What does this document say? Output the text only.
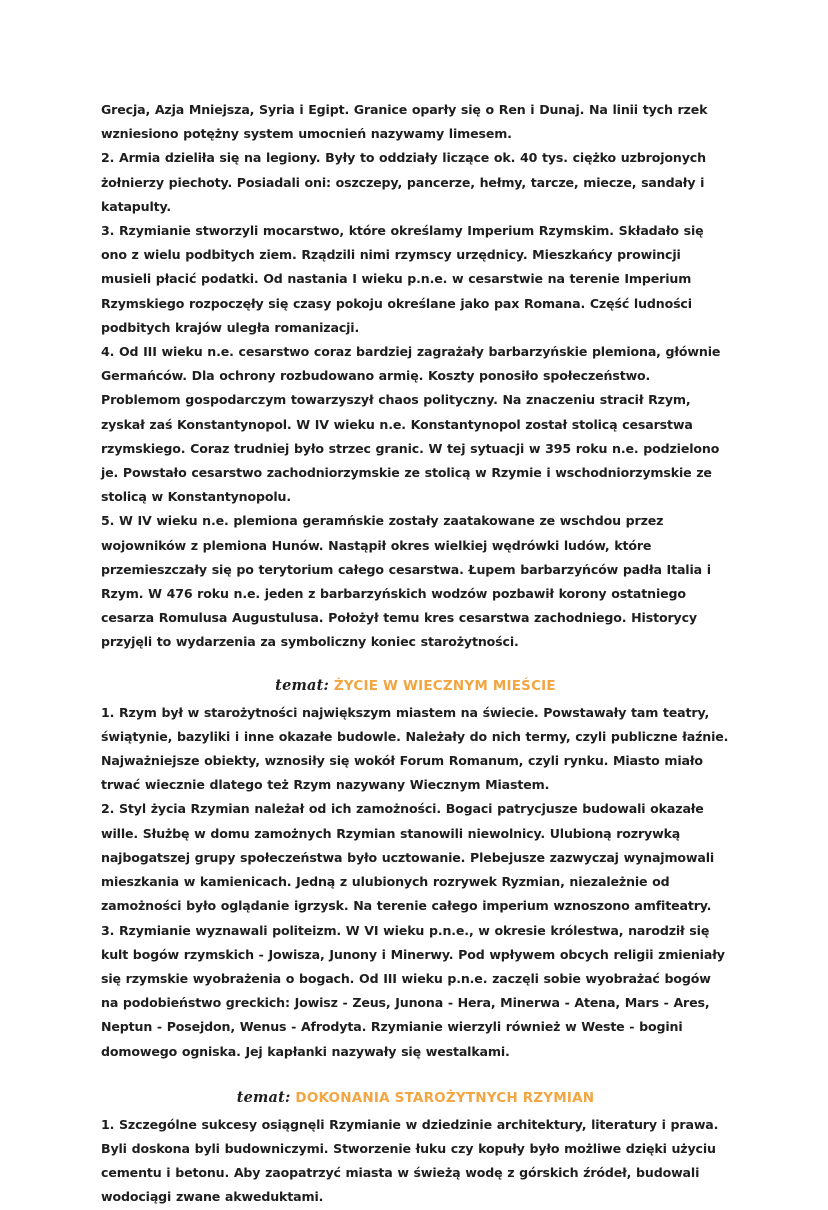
Grecja, Azja Mniejsza, Syria i Egipt. Granice oparły się o Ren i Dunaj. Na linii tych rzek wzniesiono potężny system umocnień nazywamy limesem.

2. Armia dzieliła się na legiony. Były to oddziały liczące ok. 40 tys. ciężko uzbrojonych żołnierzy piechoty. Posiadali oni: oszczepy, pancerze, hełmy, tarcze, miecze, sandały i katapulty.

3. Rzymianie stworzyli mocarstwo, które określamy Imperium Rzymskim. Składało się ono z wielu podbitych ziem. Rządzili nimi rzymscy urzędnicy. Mieszkańcy prowincji musieli płacić podatki. Od nastania I wieku p.n.e. w cesarstwie na terenie Imperium Rzymskiego rozpoczęły się czasy pokoju określane jako pax Romana. Część ludności podbitych krajów uległa romanizacji.

4. Od III wieku n.e. cesarstwo coraz bardziej zagrażały barbarzyńskie plemiona, głównie Germańców. Dla ochrony rozbudowano armię. Koszty ponosiło społeczeństwo. Problemom gospodarczym towarzyszył chaos polityczny. Na znaczeniu stracił Rzym, zyskał zaś Konstantynopol. W IV wieku n.e. Konstantynopol został stolicą cesarstwa rzymskiego. Coraz trudniej było strzec granic. W tej sytuacji w 395 roku n.e. podzielono je. Powstało cesarstwo zachodniorzymskie ze stolicą w Rzymie i wschodniorzymskie ze stolicą w Konstantynopolu.

5. W IV wieku n.e. plemiona geramńskie zostały zaatakowane ze wschdou przez wojowników z plemiona Hunów. Nastąpił okres wielkiej wędrówki ludów, które przemieszczały się po terytorium całego cesarstwa. Łupem barbarzyńców padła Italia i Rzym. W 476 roku n.e. jeden z barbarzyńskich wodzów pozbawił korony ostatniego cesarza Romulusa Augustulusa. Położył temu kres cesarstwa zachodniego. Historycy przyjęli to wydarzenia za symboliczny koniec starożytności.

temat: ŻYCIE W WIECZNYM MIEŚCIE

1. Rzym był w starożytności największym miastem na świecie. Powstawały tam teatry, świątynie, bazyliki i inne okazałe budowle. Należały do nich termy, czyli publiczne łaźnie. Najważniejsze obiekty, wznosiły się wokół Forum Romanum, czyli rynku. Miasto miało trwać wiecznie dlatego też Rzym nazywany Wiecznym Miastem.

2. Styl życia Rzymian należał od ich zamożności. Bogaci patrycjusze budowali okazałe wille. Służbę w domu zamożnych Rzymian stanowili niewolnicy. Ulubioną rozrywką najbogatszej grupy społeczeństwa było ucztowanie. Plebejusze zazwyczaj wynajmowali mieszkania w kamienicach. Jedną z ulubionych rozrywek Ryzmian, niezależnie od zamożności było oglądanie igrzysk. Na terenie całego imperium wznoszono amfiteatry.

3. Rzymianie wyznawali politeizm. W VI wieku p.n.e., w okresie królestwa, narodził się kult bogów rzymskich - Jowisza, Junony i Minerwy. Pod wpływem obcych religii zmieniały się rzymskie wyobrażenia o bogach. Od III wieku p.n.e. zaczęli sobie wyobrażać bogów na podobieństwo greckich: Jowisz - Zeus, Junona - Hera, Minerwa - Atena, Mars - Ares, Neptun - Posejdon, Wenus - Afrodyta. Rzymianie wierzyli również w Weste - bogini domowego ogniska. Jej kapłanki nazywały się westalkami.

temat: DOKONANIA STAROŻYTNYCH RZYMIAN

1. Szczególne sukcesy osiągnęli Rzymianie w dziedzinie architektury, literatury i prawa. Byli doskona byli budowniczymi. Stworzenie łuku czy kopuły było możliwe dzięki użyciu cementu i betonu. Aby zaopatrzyć miasta w świeżą wodę z górskich źródeł, budowali wodociągi zwane akweduktami.
